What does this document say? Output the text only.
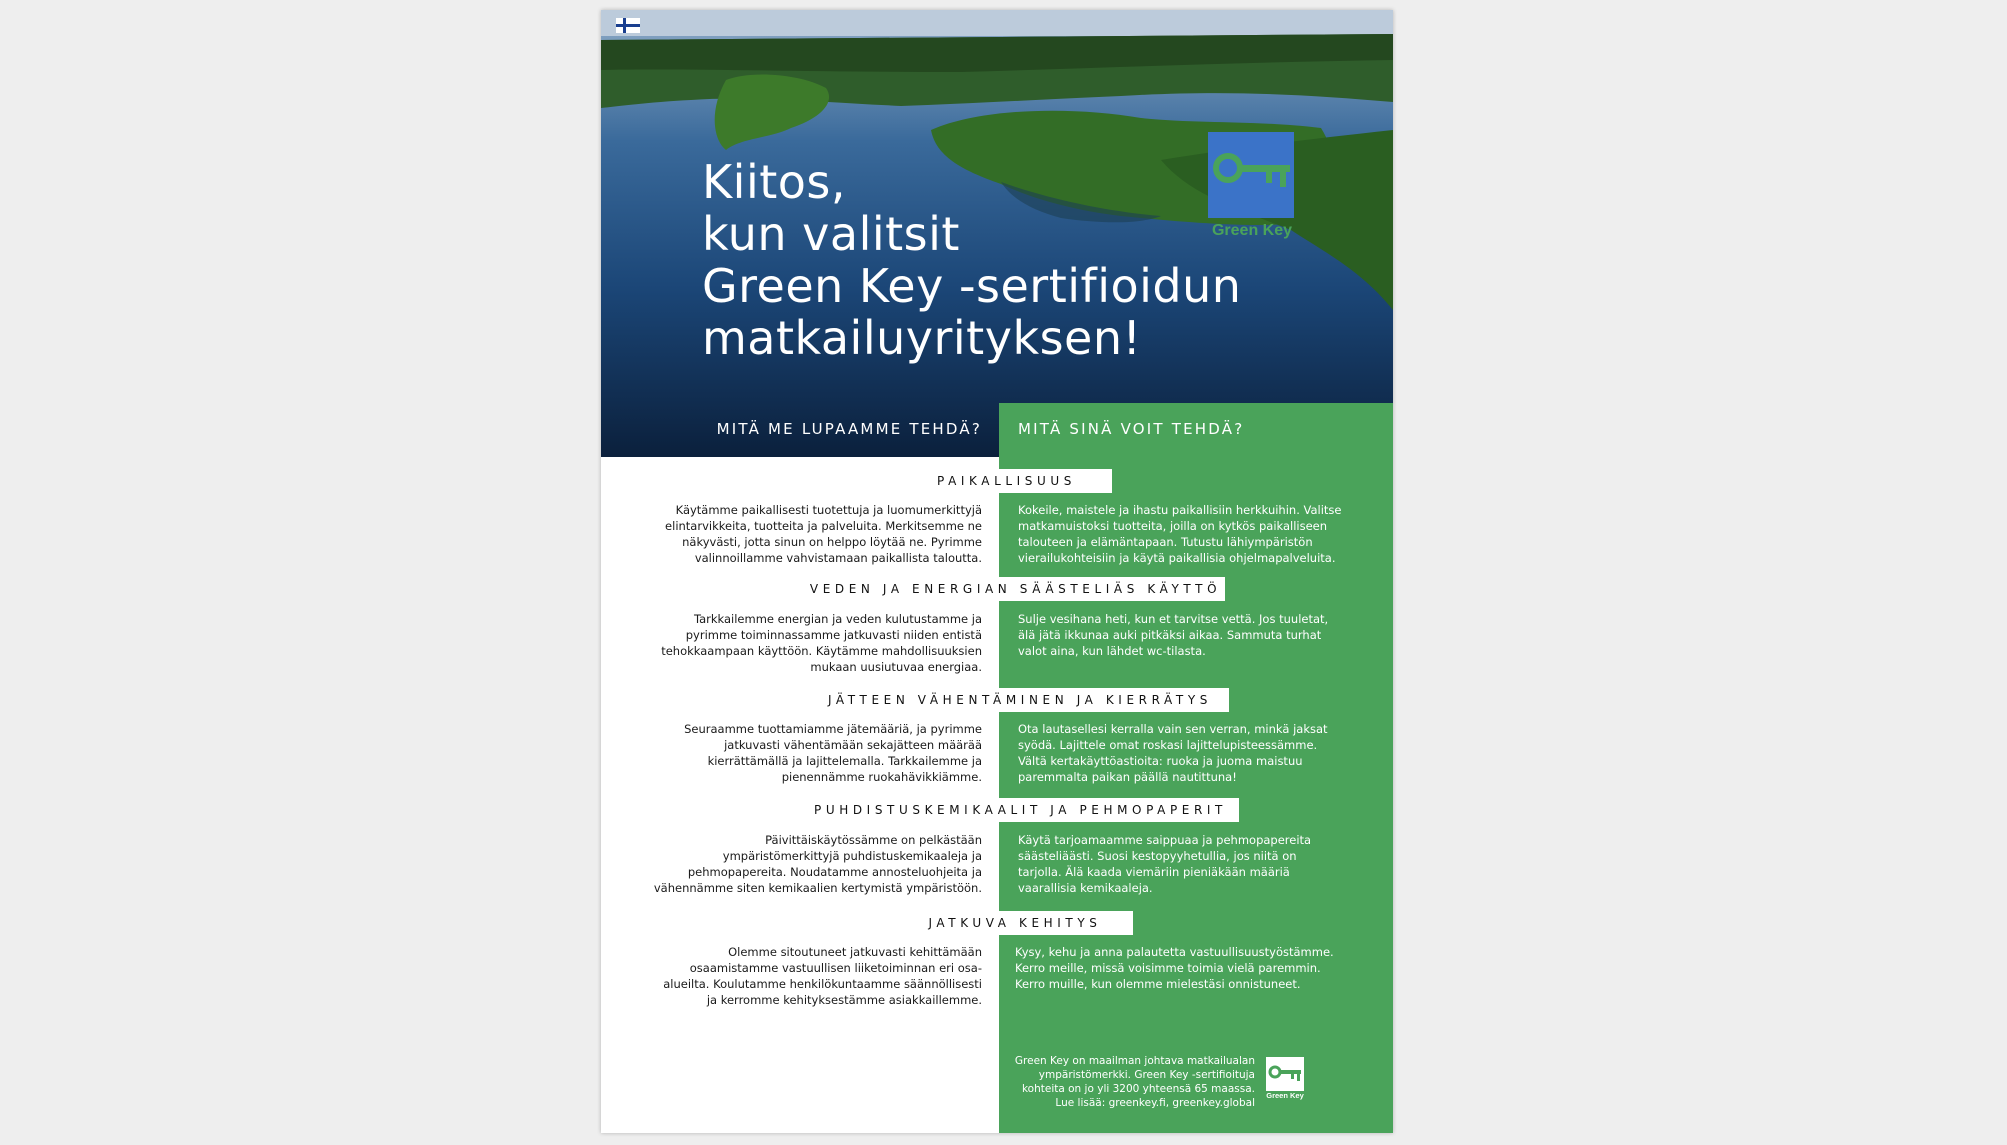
Kiitos,
kun valitsit
Green Key -sertifioidun
matkailuyrityksen!
Green Key
MITÄ ME LUPAAMME TEHDÄ? MITÄ SINÄ VOIT TEHDÄ?
PAIKALLISUUS

Käytämme paikallisesti tuotettuja ja luomumerkittyjä
elintarvikkeita, tuotteita ja palveluita. Merkitsemme ne
näkyvästi, jotta sinun on helppo löytää ne. Pyrimme
valinnoillamme vahvistamaan paikallista taloutta.

Kokeile, maistele ja ihastu paikallisiin herkkuihin. Valitse
matkamuistoksi tuotteita, joilla on kytkös paikalliseen
talouteen ja elämäntapaan. Tutustu lähiympäristön
vierailukohteisiin ja käytä paikallisia ohjelmapalveluita.

VEDEN JA ENERGIAN SÄÄSTELIÄS KÄYTTÖ

Tarkkailemme energian ja veden kulutustamme ja
pyrimme toiminnassamme jatkuvasti niiden entistä
tehokkaampaan käyttöön. Käytämme mahdollisuuksien
mukaan uusiutuvaa energiaa.

Sulje vesihana heti, kun et tarvitse vettä. Jos tuuletat,
älä jätä ikkunaa auki pitkäksi aikaa. Sammuta turhat
valot aina, kun lähdet wc-tilasta.

JÄTTEEN VÄHENTÄMINEN JA KIERRÄTYS

Seuraamme tuottamiamme jätemääriä, ja pyrimme
jatkuvasti vähentämään sekajätteen määrää
kierrättämällä ja lajittelemalla. Tarkkailemme ja
pienennämme ruokahävikkiämme.

Ota lautasellesi kerralla vain sen verran, minkä jaksat
syödä. Lajittele omat roskasi lajittelupisteessämme.
Vältä kertakäyttöastioita: ruoka ja juoma maistuu
paremmalta paikan päällä nautittuna!

PUHDISTUSKEMIKAALIT JA PEHMOPAPERIT

Päivittäiskäytössämme on pelkästään
ympäristömerkittyjä puhdistuskemikaaleja ja
pehmopapereita. Noudatamme annosteluohjeita ja
vähennämme siten kemikaalien kertymistä ympäristöön.

Käytä tarjoamaamme saippuaa ja pehmopapereita
säästeliäästi. Suosi kestopyyhetullia, jos niitä on
tarjolla. Älä kaada viemäriin pieniäkään määriä
vaarallisia kemikaaleja.

JATKUVA KEHITYS

Olemme sitoutuneet jatkuvasti kehittämään
osaamistamme vastuullisen liiketoiminnan eri osa-
alueilta. Koulutamme henkilökuntaamme säännöllisesti
ja kerromme kehityksestämme asiakkaillemme.

Kysy, kehu ja anna palautetta vastuullisuustyöstämme.
Kerro meille, missä voisimme toimia vielä paremmin.
Kerro muille, kun olemme mielestäsi onnistuneet.

Green Key on maailman johtava matkailualan
ympäristömerkki. Green Key -sertifioituja
kohteita on jo yli 3200 yhteensä 65 maassa.
Lue lisää: greenkey.fi, greenkey.global

Green Key
